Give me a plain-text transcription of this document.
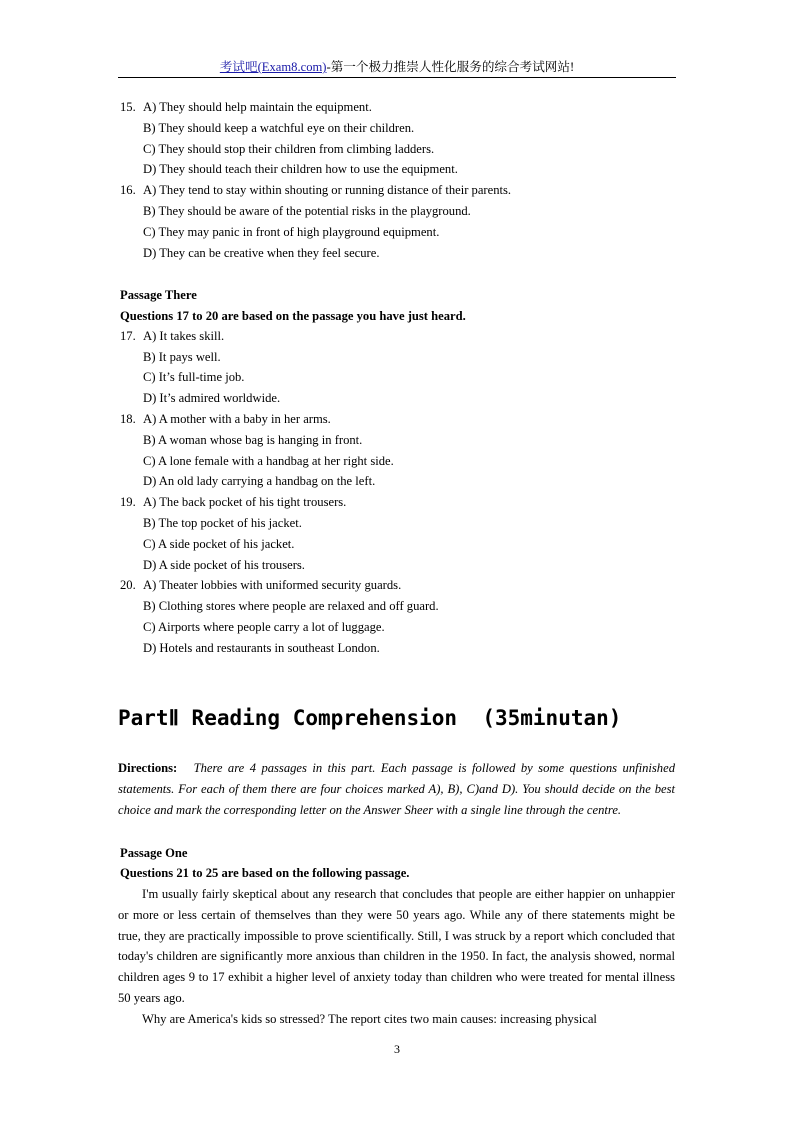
考试吧(Exam8.com)-第一个极力推崇人性化服务的综合考试网站!
15. A) They should help maintain the equipment.
B) They should keep a watchful eye on their children.
C) They should stop their children from climbing ladders.
D) They should teach their children how to use the equipment.
16. A) They tend to stay within shouting or running distance of their parents.
B) They should be aware of the potential risks in the playground.
C) They may panic in front of high playground equipment.
D) They can be creative when they feel secure.
Passage There
Questions 17 to 20 are based on the passage you have just heard.
17. A) It takes skill.
B) It pays well.
C) It’s full-time job.
D) It’s admired worldwide.
18. A) A mother with a baby in her arms.
B) A woman whose bag is hanging in front.
C) A lone female with a handbag at her right side.
D) An old lady carrying a handbag on the left.
19. A) The back pocket of his tight trousers.
B) The top pocket of his jacket.
C) A side pocket of his jacket.
D) A side pocket of his trousers.
20. A) Theater lobbies with uniformed security guards.
B) Clothing stores where people are relaxed and off guard.
C) Airports where people carry a lot of luggage.
D) Hotels and restaurants in southeast London.
PartⅡ Reading Comprehension  (35minutan)
Directions: There are 4 passages in this part. Each passage is followed by some questions unfinished statements. For each of them there are four choices marked A), B), C)and D). You should decide on the best choice and mark the corresponding letter on the Answer Sheer with a single line through the centre.
Passage One
Questions 21 to 25 are based on the following passage.
I'm usually fairly skeptical about any research that concludes that people are either happier on unhappier or more or less certain of themselves than they were 50 years ago. While any of there statements might be true, they are practically impossible to prove scientifically. Still, I was struck by a report which concluded that today's children are significantly more anxious than children in the 1950. In fact, the analysis showed, normal children ages 9 to 17 exhibit a higher level of anxiety today than children who were treated for mental illness 50 years ago.
Why are America's kids so stressed? The report cites two main causes: increasing physical
3
